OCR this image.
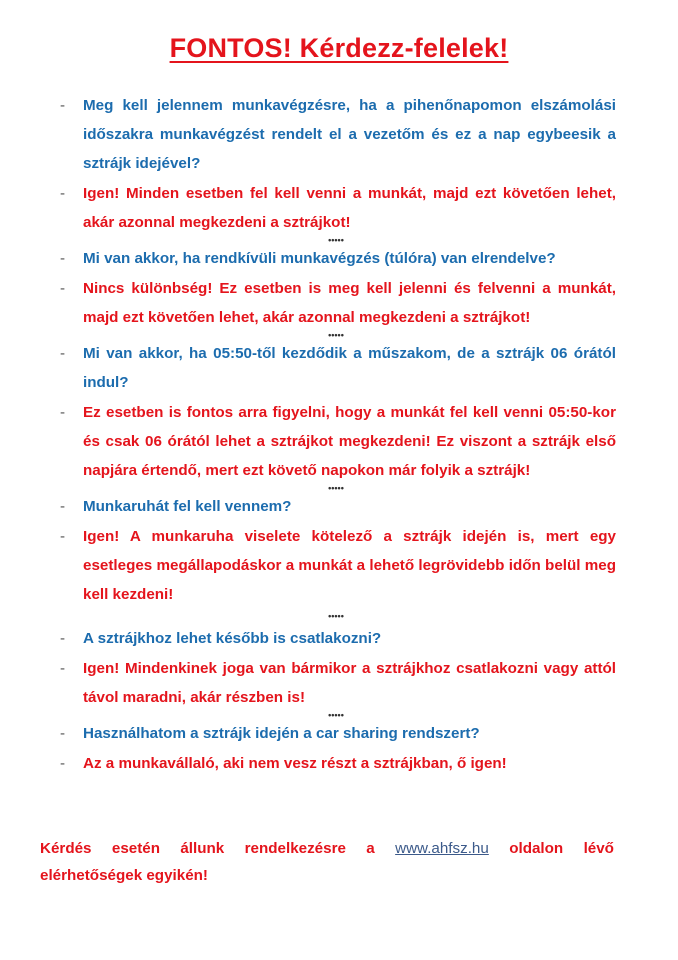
FONTOS! Kérdezz-felelek!
- Meg kell jelennem munkavégzésre, ha a pihenőnapomon elszámolási időszakra munkavégzést rendelt el a vezetőm és ez a nap egybeesik a sztrájk idejével?
- Igen! Minden esetben fel kell venni a munkát, majd ezt követően lehet, akár azonnal megkezdeni a sztrájkot!
•••••
- Mi van akkor, ha rendkívüli munkavégzés (túlóra) van elrendelve?
- Nincs különbség! Ez esetben is meg kell jelenni és felvenni a munkát, majd ezt követően lehet, akár azonnal megkezdeni a sztrájkot!
•••••
- Mi van akkor, ha 05:50-től kezdődik a műszakom, de a sztrájk 06 órától indul?
- Ez esetben is fontos arra figyelni, hogy a munkát fel kell venni 05:50-kor és csak 06 órától lehet a sztrájkot megkezdeni! Ez viszont a sztrájk első napjára értendő, mert ezt követő napokon már folyik a sztrájk!
•••••
- Munkaruhát fel kell vennem?
- Igen! A munkaruha viselete kötelező a sztrájk idején is, mert egy esetleges megállapodáskor a munkát a lehető legrövidebb időn belül meg kell kezdeni!
•••••
- A sztrájkhoz lehet később is csatlakozni?
- Igen! Mindenkinek joga van bármikor a sztrájkhoz csatlakozni vagy attól távol maradni, akár részben is!
•••••
- Használhatom a sztrájk idején a car sharing rendszert?
- Az a munkavállaló, aki nem vesz részt a sztrájkban, ő igen!
Kérdés esetén állunk rendelkezésre a www.ahfsz.hu oldalon lévő
elérhetőségek egyikén!
